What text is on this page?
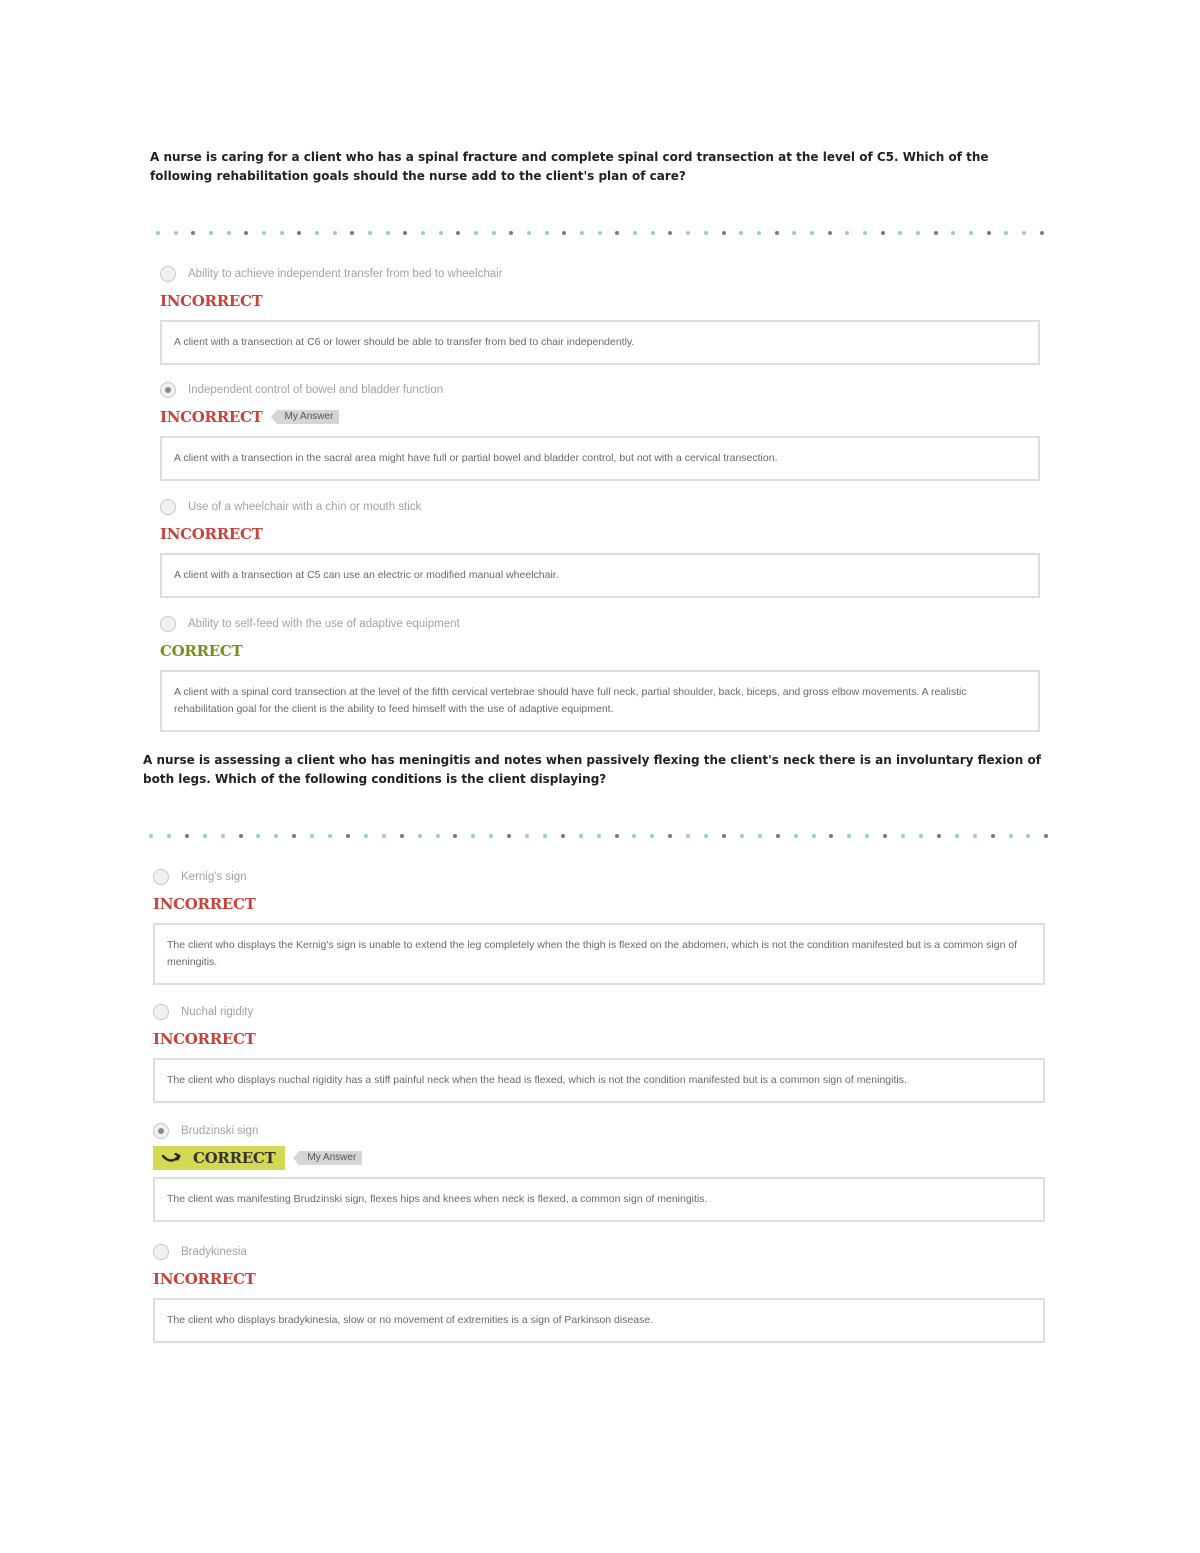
A nurse is caring for a client who has a spinal fracture and complete spinal cord transection at the level of C5. Which of the following rehabilitation goals should the nurse add to the client's plan of care?

Ability to achieve independent transfer from bed to wheelchair
INCORRECT
A client with a transection at C6 or lower should be able to transfer from bed to chair independently.
Independent control of bowel and bladder function
INCORRECT	My Answer
A client with a transection in the sacral area might have full or partial bowel and bladder control, but not with a cervical transection.
Use of a wheelchair with a chin or mouth stick
INCORRECT
A client with a transection at C5 can use an electric or modified manual wheelchair.
Ability to self-feed with the use of adaptive equipment
CORRECT
A client with a spinal cord transection at the level of the fifth cervical vertebrae should have full neck, partial shoulder, back, biceps, and gross elbow movements. A realistic rehabilitation goal for the client is the ability to feed himself with the use of adaptive equipment.

A nurse is assessing a client who has meningitis and notes when passively flexing the client's neck there is an involuntary flexion of both legs. Which of the following conditions is the client displaying?

Kernig's sign
INCORRECT
The client who displays the Kernig's sign is unable to extend the leg completely when the thigh is flexed on the abdomen, which is not the condition manifested but is a common sign of meningitis.
Nuchal rigidity
INCORRECT
The client who displays nuchal rigidity has a stiff painful neck when the head is flexed, which is not the condition manifested but is a common sign of meningitis.
Brudzinski sign
CORRECT	My Answer
The client was manifesting Brudzinski sign, flexes hips and knees when neck is flexed, a common sign of meningitis.
Bradykinesia
INCORRECT
The client who displays bradykinesia, slow or no movement of extremities is a sign of Parkinson disease.
